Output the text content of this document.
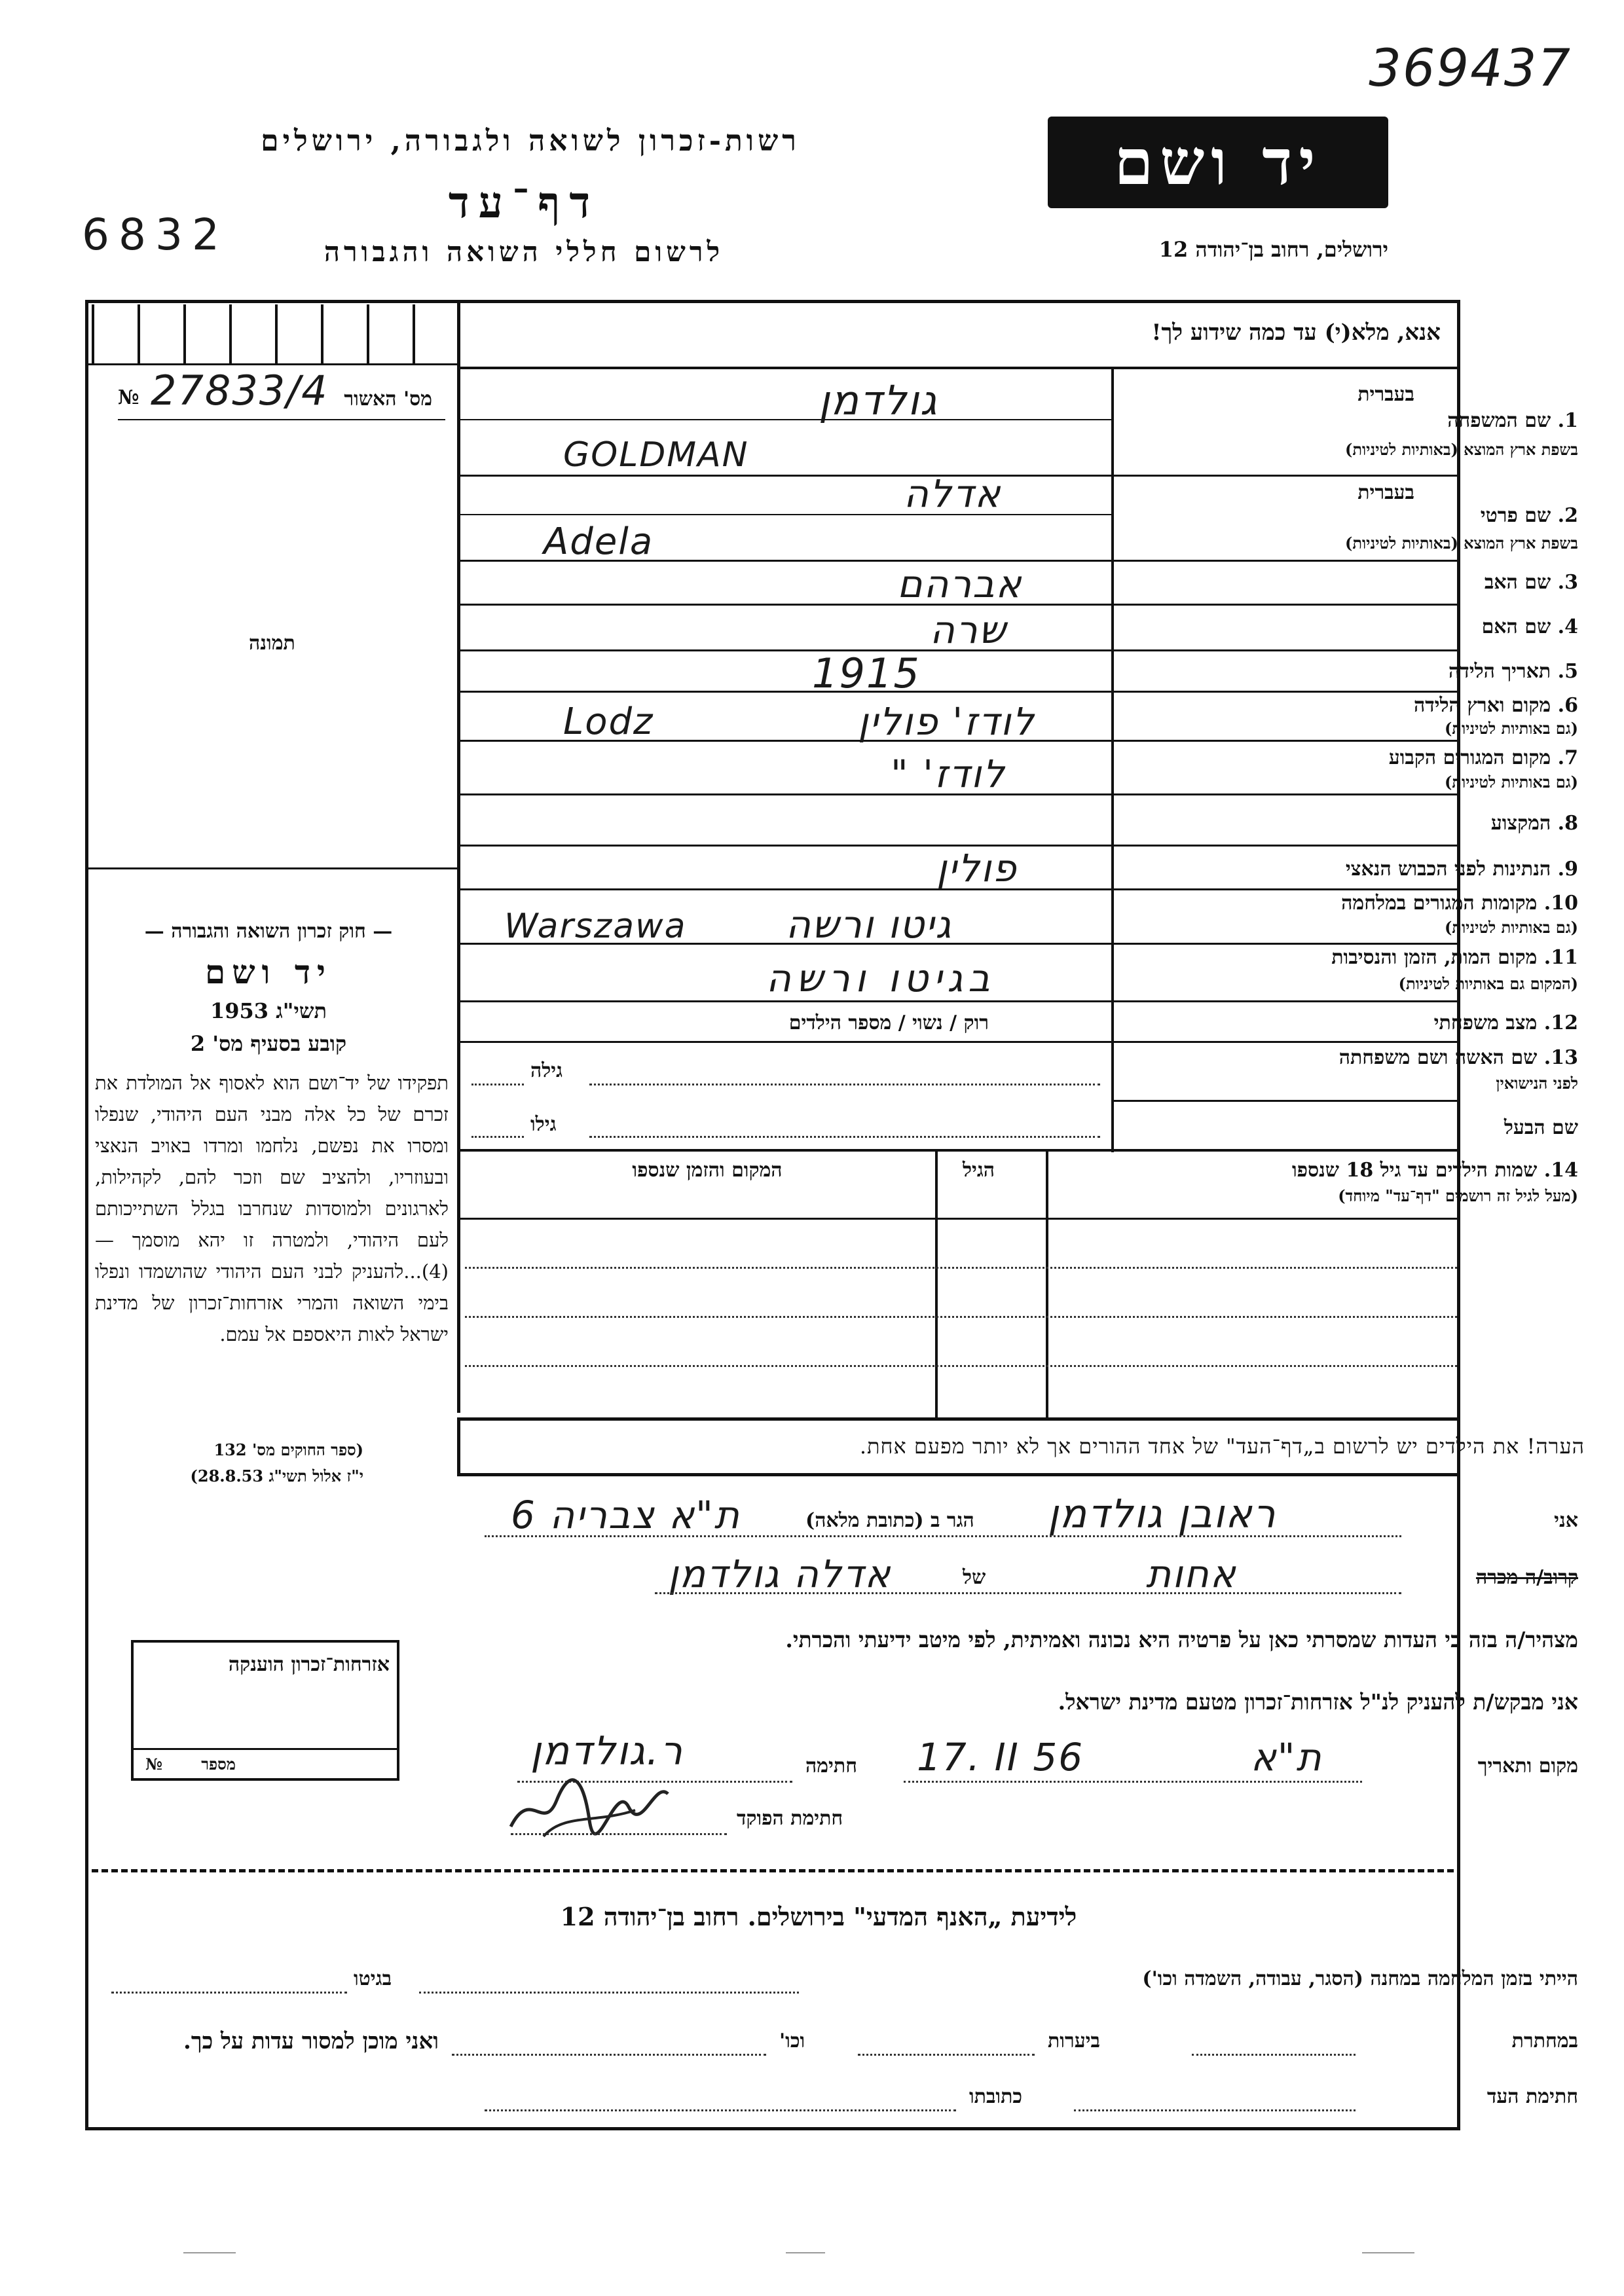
369437
6832
רשות-זכרון לשואה ולגבורה, ירושלים
דף־עד
לרשום חללי השואה והגבורה
יד ושם
ירושלים, רחוב בן־יהודה 12
אנא, מלא(י) עד כמה שידוע לך!
№ 27833/4 מס' האשור
תמונה
— חוק זכרון השואה והגבורה —
יד ושם
תשי"ג 1953
קובע בסעיף מס' 2
תפקידו של יד־ושם הוא לאסוף אל המולדת את זכרם של כל אלה מבני העם היהודי, שנפלו ומסרו את נפשם, נלחמו ומרדו באויב הנאצי ובעוזריו, ולהציב שם וזכר להם, לקהילות, לארגונים ולמוסדות שנחרבו בגלל השתייכותם לעם היהודי, ולמטרה זו יהא מוסמך — (4)...להעניק לבני העם היהודי שהושמדו ונפלו בימי השואה והמרי אזרחות־זכרון של מדינת ישראל לאות היאספם אל עמם.
(ספר החוקים מס' 132
י"ז אלול תשי"ג 28.8.53)
אזרחות־זכרון הוענקה
№	מספר
בעברית
1. שם המשפחה
בשפת ארץ המוצא (באותיות לטיניות)
גולדמן
GOLDMAN
בעברית
2. שם פרטי
בשפת ארץ המוצא (באותיות לטיניות)
אדלה
Adela
3. שם האב
אברהם
4. שם האם
שרה
5. תאריך הלידה
1915
6. מקום וארץ הלידה
(גם באותיות לטיניות)
Lodz	לודז' פולין
7. מקום המגורים הקבוע
(גם באותיות לטיניות)
לודז' "
8. המקצוע
9. הנתינות לפני הכבוש הנאצי
פולין
10. מקומות המגורים במלחמה
(גם באותיות לטיניות)
Warszawa	גיטו ורשה
11. מקום המות, הזמן והנסיבות
(המקום גם באותיות לטיניות)
בגיטו ורשה
12. מצב משפחתי
רוק / נשוי / מספר הילדים
13. שם האשה ושם משפחתה
לפני הנישואין
גילה
שם הבעל
גילו
14. שמות הילדים עד גיל 18 שנספו
(מעל לגיל זה רושמים "דף־עד" מיוחד)
הגיל
המקום והזמן שנספו
הערה! את הילדים יש לרשום ב„דף־העד" של אחד ההורים אך לא יותר מפעם אחת.
אני
ראובן גולדמן
הגר ב (כתובת מלאה)
ת"א צבריה 6
קרוב/ה מכרה
אחות
של
אדלה גולדמן
מצהיר/ה בזה כי העדות שמסרתי כאן על פרטיה היא נכונה ואמיתית, לפי מיטב ידיעתי והכרתי.
אני מבקש/ת להעניק לנ"ל אזרחות־זכרון מטעם מדינת ישראל.
מקום ותאריך
ת"א
17. II 56
חתימה
ר.גולדמן
חתימת הפוקד
לידיעת „האנף המדעי" בירושלים. רחוב בן־יהודה 12
הייתי בזמן המלחמה במחנה (הסגר, עבודה, השמדה וכו')
בגיטו
במחתרת
ביערות
וכו'
ואני מוכן למסור עדות על כך.
חתימת העד
כתובתו
